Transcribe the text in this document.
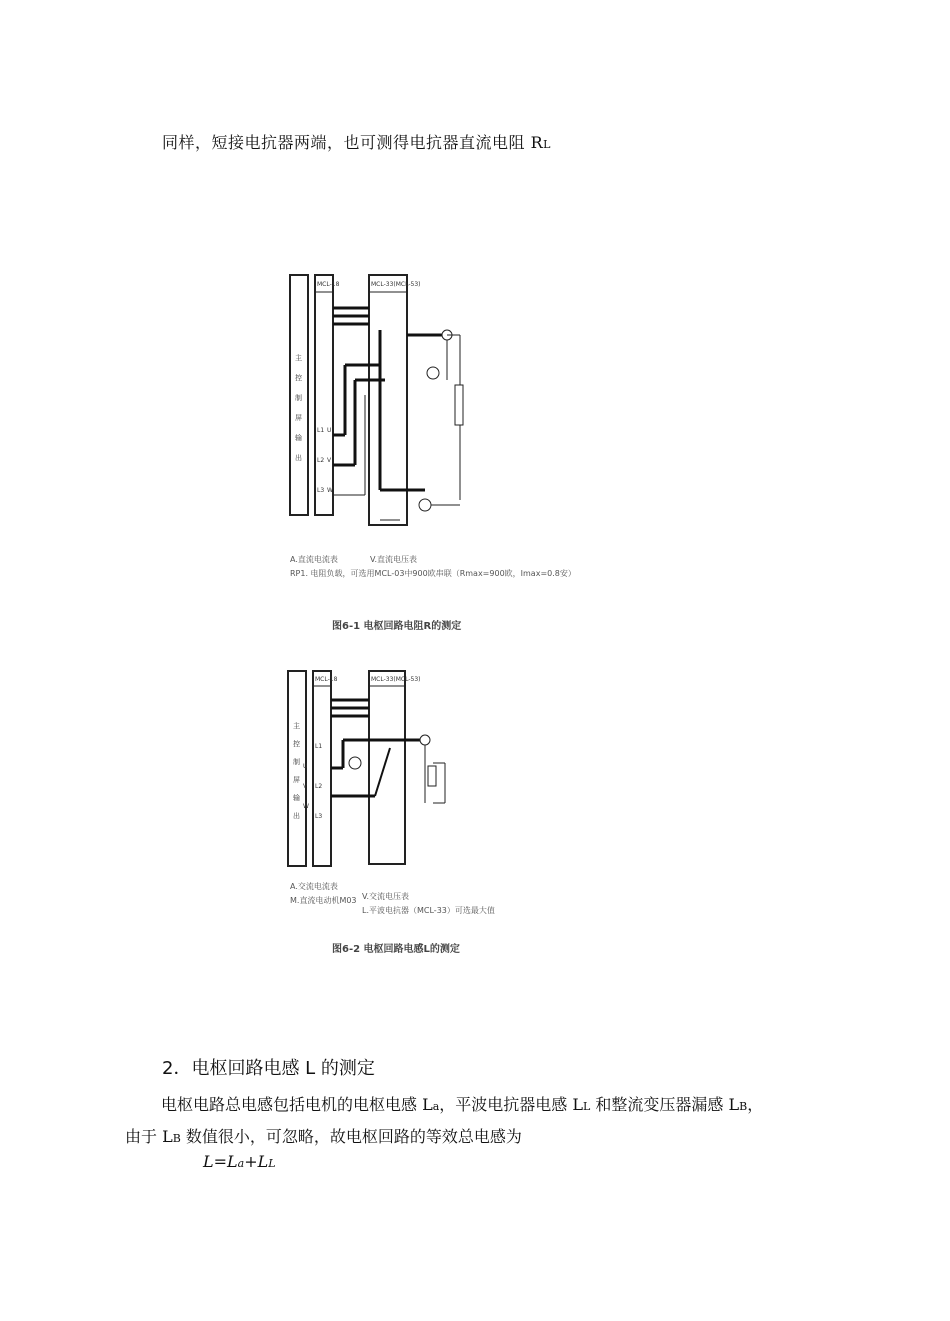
同样，短接电抗器两端，也可测得电抗器直流电阻 RL
MCL-18	MCL-33(MCL-53)
主
控
制
屏
输
出
L1
L2
L3
U
V
W
A.直流电流表	V.直流电压表
RP1. 电阻负载，可选用MCL-03中900欧串联（Rmax=900欧，Imax=0.8安）
图6-1 电枢回路电阻R的测定
MCL-18	MCL-33(MCL-53)
主
控
制
屏
输
出
L1
L2
L3
U
V
W
A.交流电流表
M.直流电动机M03 V.交流电压表
L.平波电抗器（MCL-33）可选最大值
图6-2 电枢回路电感L的测定
2．电枢回路电感 L 的测定

电枢电路总电感包括电机的电枢电感 La，平波电抗器电感 LL 和整流变压器漏感 LB，

由于 LB 数值很小，可忽略，故电枢回路的等效总电感为

L=La+LL
